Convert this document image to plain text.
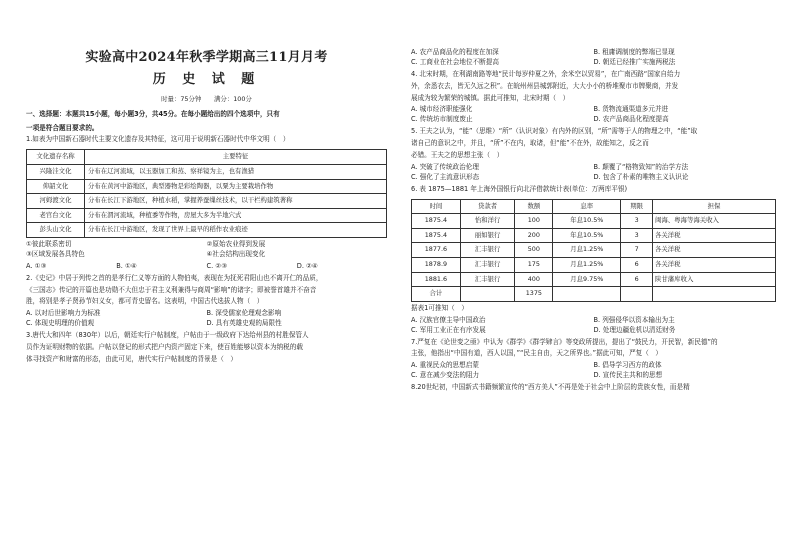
实验高中2024年秋季学期高三11月月考
历 史 试 题
时量：75分钟　　满分：100分
一、选择题：本题共15小题，每小题3分，共45分。在每小题给出的四个选项中，只有
一项是符合题目要求的。

1.如表为中国新石器时代主要文化遗存及其特征，这可用于说明新石器时代中华文明（　）

文化遗存名称	主要特征
兴隆洼文化	分布在辽河流域，以玉器加工和蒸、察祥镜为主，也有渔猎
仰韶文化	分布在黄河中游地区，典型器物是彩绘陶器，以粟为主要栽培作物
河姆渡文化	分布在长江下游地区，种植水稻，掌握养蚕缫丝技术，以干栏构建筑著称
老官台文化	分布在渭河流域，种植黍等作物，房屋大多为半地穴式
彭头山文化	分布在长江中游地区，发现了世界上最早的稻作农业痕迹
①彼此联系密切	②原始农业得到发展
③区域发展各具特色	④社会结构出现变化
A. ①③	B. ①④	C. ②③	D. ②④

2.《史记》中居于列传之首的是孝行仁义等方面的人物伯夷，表现在为抚死君阳山也不离开仁的品质，

《三国志》传记的开篇也是功勋不大但忠于君主义利兼得与商周“影响”的诸字；即被誉首雄并不奋音

胜，将别是孝子贤孙节妇义女，都可青史留名。这表明，中国古代选拔人物（　）

A. 以对后世影响力为标准	B. 深受儒家伦理观念影响
C. 体现史明理的价值观	D. 具有英雄史观的局限性

3.唐代大和四年（830年）以后，朝廷实行户帖制度，户帖由于一级政府下达给州县的村胜保管人

员作为证明财物的依据。户帖以登记的形式把户内资产固定下来，使百姓能够以资本为纳税的载

体寻找资产和财富的形态，由此可见，唐代实行户帖制度的背景是（　）

A. 农产品商品化的程度在加深	B. 租庸调制度的弊端已显现
C. 工商业在社会地位不断提高	D. 朝廷已经推广实施两税法

4. 北宋时期，在利湖南路等地“民计每岁仲夏之外，余米空以贸易”，在广南西路“国家自给力

外，余悉衣去，皆无久远之积”。在皖州州县城郭附近，大大小小的桥堆聚市市牌聚商，并发

展成为较为繁荣的城镇。据此可推知，北宋时期（　）

A. 城市经济职能强化	B. 货物流通渠道多元并进
C. 传统坊市制度废止	D. 农产品商品化程度提高

5. 王夫之认为，“能”（思维）“所”（认识对象）有内外的区别，“所”需等于人的物理之中，“能”取

诸自己的意识之中，并且，“所”不在内，取诸，但“能”不在外，故能知之，反之而

必错。王夫之的思想主张（　）

A. 突破了传统政治伦理	B. 颠覆了“格物致知”的治学方法
C. 强化了主流意识形态	D. 包含了朴素的唯物主义认识论

6. 表 1875—1881 年上海外国银行向北洋借款统计表(单位：万两库平银)

时间	贷款者	数额	息率	期限	担保
1875.4	怡和洋行	100	年息10.5%	3	闽海、粤海等海关收入
1875.4	丽如银行	200	年息10.5%	3	各关洋税
1877.6	汇丰银行	500	月息1.25%	7	各关洋税
1878.9	汇丰银行	175	月息1.25%	6	各关洋税
1881.6	汇丰银行	400	月息9.75%	6	陕甘藩库收入
合计		1375			

据表1可推知（　）

A. 汉族官僚主导中国政治	B. 列强侵华以资本输出为主
C. 军用工业正在有序发展	D. 处理边疆危机以清廷财务

7.严复在《论世变之亟》中认为《群学》《群学肄言》等变政所提出，提出了“鼓民力，开民智，新民德”的

主张，他指出“中国有道，西人以国，”“民主自由，天之所界也。”据此可知，严复（　）

A. 重视民众的思想启蒙	B. 倡导学习西方的政体
C. 意在减少变法的阻力	D. 宣传民主共和的思想

8.20世纪初，中国新式书籍频繁宣传的“西方美人”不再是处于社会中上阶层的贵族女性，而是精
